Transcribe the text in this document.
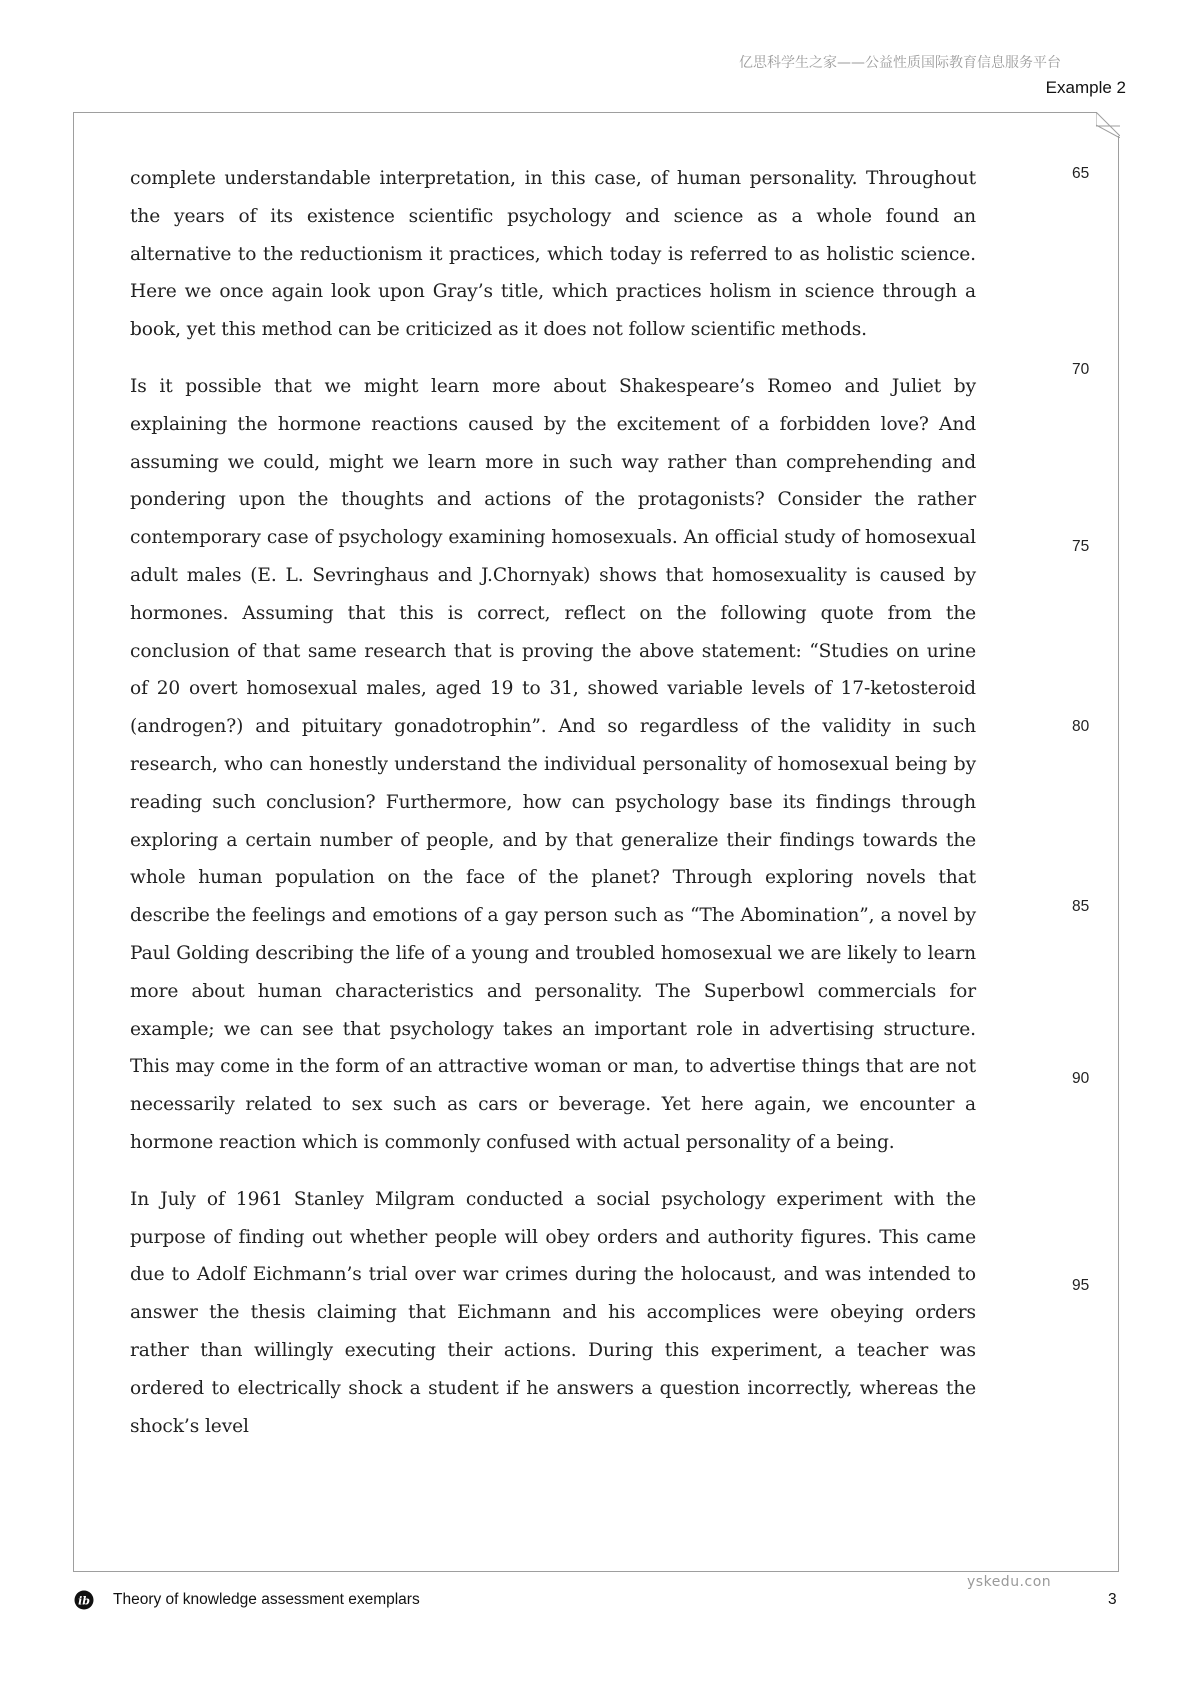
亿思科学生之家——公益性质国际教育信息服务平台
Example 2

complete understandable interpretation, in this case, of human personality. Throughout the years of its existence scientific psychology and science as a whole found an alternative to the reductionism it practices, which today is referred to as holistic science. Here we once again look upon Gray’s title, which practices holism in science through a book, yet this method can be criticized as it does not follow scientific methods.

Is it possible that we might learn more about Shakespeare’s Romeo and Juliet by explaining the hormone reactions caused by the excitement of a forbidden love? And assuming we could, might we learn more in such way rather than comprehending and pondering upon the thoughts and actions of the protagonists? Consider the rather contemporary case of psychology examining homosexuals. An official study of homosexual adult males (E. L. Sevringhaus and J.Chornyak) shows that homosexuality is caused by hormones. Assuming that this is correct, reflect on the following quote from the conclusion of that same research that is proving the above statement: “Studies on urine of 20 overt homosexual males, aged 19 to 31, showed variable levels of 17-ketosteroid (androgen?) and pituitary gonadotrophin”. And so regardless of the validity in such research, who can honestly understand the individual personality of homosexual being by reading such conclusion? Furthermore, how can psychology base its findings through exploring a certain number of people, and by that generalize their findings towards the whole human population on the face of the planet? Through exploring novels that describe the feelings and emotions of a gay person such as “The Abomination”, a novel by Paul Golding describing the life of a young and troubled homosexual we are likely to learn more about human characteristics and personality. The Superbowl commercials for example; we can see that psychology takes an important role in advertising structure. This may come in the form of an attractive woman or man, to advertise things that are not necessarily related to sex such as cars or beverage. Yet here again, we encounter a hormone reaction which is commonly confused with actual personality of a being.

In July of 1961 Stanley Milgram conducted a social psychology experiment with the purpose of finding out whether people will obey orders and authority figures. This came due to Adolf Eichmann’s trial over war crimes during the holocaust, and was intended to answer the thesis claiming that Eichmann and his accomplices were obeying orders rather than willingly executing their actions. During this experiment, a teacher was ordered to electrically shock a student if he answers a question incorrectly, whereas the shock’s level

65
70
75
80
85
90
95
ib Theory of knowledge assessment exemplars
yskedu.con
3
